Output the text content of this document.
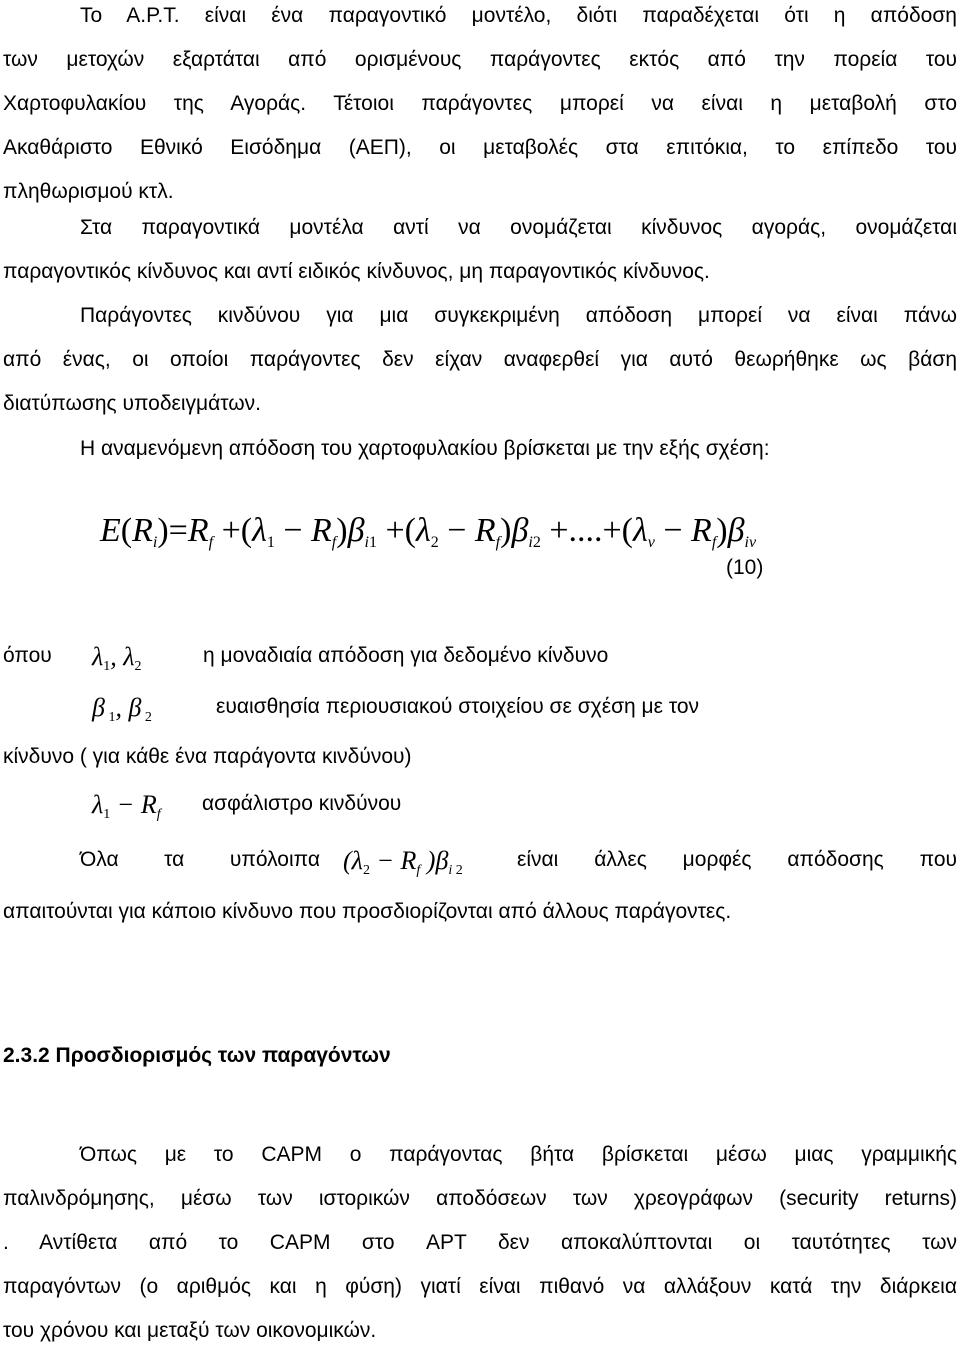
Το Α.Ρ.Τ. είναι ένα παραγοντικό μοντέλο, διότι παραδέχεται ότι η απόδοση
των μετοχών εξαρτάται από ορισμένους παράγοντες εκτός από την πορεία του
Χαρτοφυλακίου της Αγοράς. Τέτοιοι παράγοντες μπορεί να είναι η μεταβολή στο
Ακαθάριστο Εθνικό Εισόδημα (ΑΕΠ), οι μεταβολές στα επιτόκια, το επίπεδο του
πληθωρισμού κτλ.
Στα παραγοντικά μοντέλα αντί να ονομάζεται κίνδυνος αγοράς, ονομάζεται
παραγοντικός κίνδυνος και αντί ειδικός κίνδυνος, μη παραγοντικός κίνδυνος.
Παράγοντες κινδύνου για μια συγκεκριμένη απόδοση μπορεί να είναι πάνω
από ένας, οι οποίοι παράγοντες δεν είχαν αναφερθεί για αυτό θεωρήθηκε ως βάση
διατύπωσης υποδειγμάτων.
Η αναμενόμενη απόδοση του χαρτοφυλακίου βρίσκεται με την εξής σχέση:
$E(R_i)=R_f +(\lambda_1 - R_f)\beta_{i1} +(\lambda_2 - R_f)\beta_{i2} +....+(\lambda_v - R_f)\beta_{iv}$
(10)
όπου $\lambda_1$, $\lambda_2$	η μοναδιαία απόδοση για δεδομένο κίνδυνο
β $_1$, β $_2$	ευαισθησία περιουσιακού στοιχείου σε σχέση με τον
κίνδυνο ( για κάθε ένα παράγοντα κινδύνου)
$\lambda_1 - R_f$ ασφάλιστρο κινδύνου
Όλα τα υπόλοιπα ($\lambda_2 - R_f$ )$\beta_{i 2}$	είναι άλλες μορφές απόδοσης που
απαιτούνται για κάποιο κίνδυνο που προσδιορίζονται από άλλους παράγοντες.
2.3.2 Προσδιορισμός των παραγόντων
Όπως με το CAPM ο παράγοντας βήτα βρίσκεται μέσω μιας γραμμικής
παλινδρόμησης, μέσω των ιστορικών αποδόσεων των χρεογράφων (security returns)
. Αντίθετα από το CAPM στο APT δεν αποκαλύπτονται οι ταυτότητες των
παραγόντων (ο αριθμός και η φύση) γιατί είναι πιθανό να αλλάξουν κατά την διάρκεια
του χρόνου και μεταξύ των οικονομικών.
